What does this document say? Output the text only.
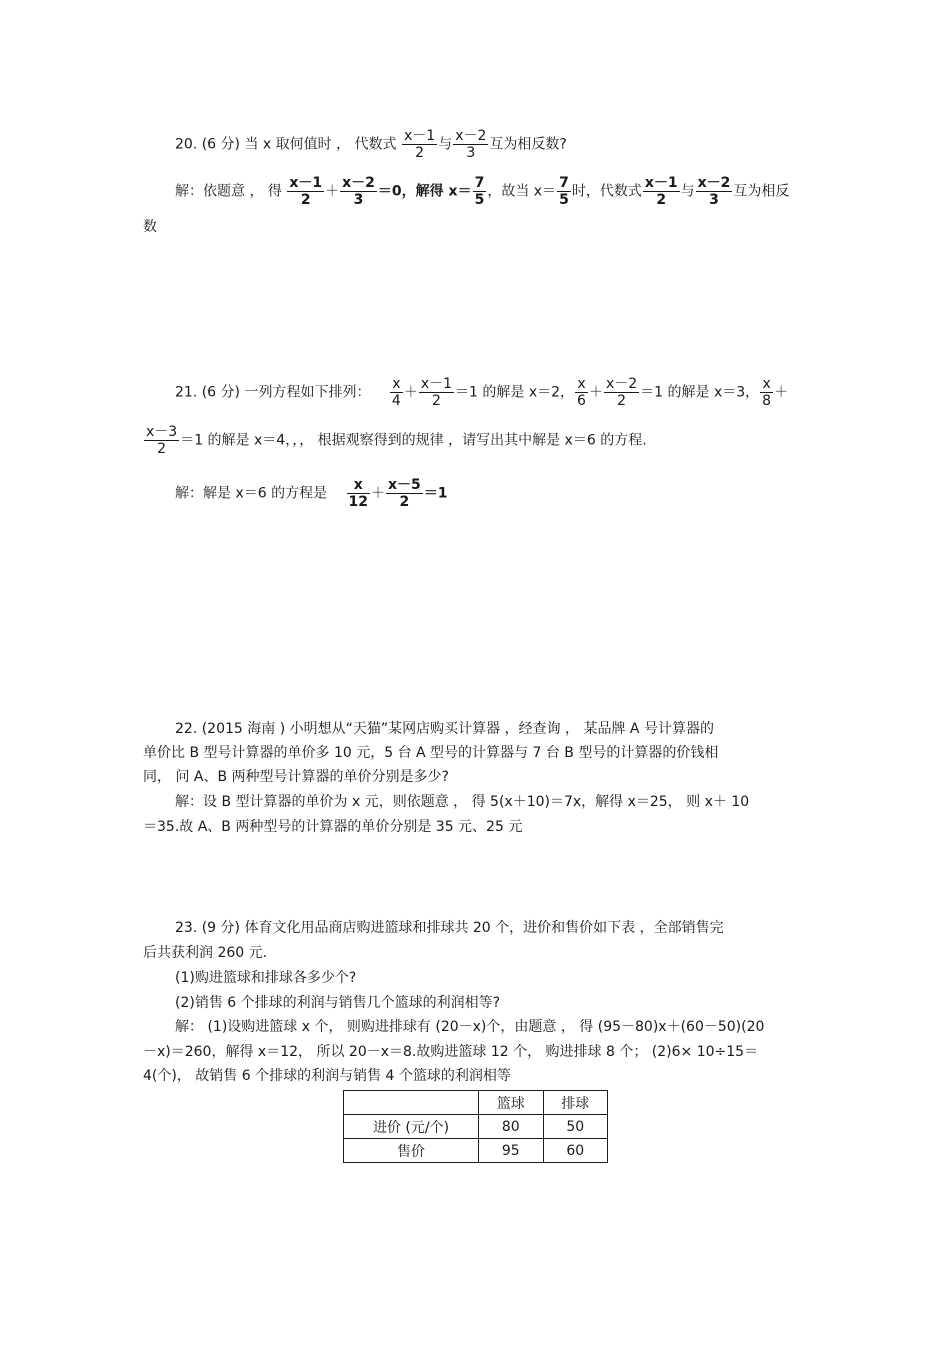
20. (6 分) 当 x 取何值时 ， 代数式 $\frac{x-1}{2}$ 与 $\frac{x-2}{3}$ 互为相反数?
解：依题意 ， 得 $\frac{x-1}{2} + \frac{x-2}{3} =0$，解得 $x= \frac{7}{5}$ ，故当 $x= \frac{7}{5}$ 时，代数式 $\frac{x-1}{2}$ 与 $\frac{x-2}{3}$ 互为相反
数
21. (6 分) 一列方程如下排列： $\frac{x}{4} + \frac{x-1}{2} =1$ 的解是 x＝2， $\frac{x}{6} + \frac{x-2}{2} =1$ 的解是 x＝3， $\frac{x}{8}$ ＋
$\frac{x-3}{2} =1$ 的解是 x＝4，，， 根据观察得到的规律 ，请写出其中解是 x＝6 的方程.
解：解是 x＝6 的方程是 $\frac{x}{12} + \frac{x-5}{2} =1$
22. (2015 海南 ) 小明想从“天猫”某网店购买计算器 ，经查询 ， 某品牌 A 号计算器的
单价比 B 型号计算器的单价多 10 元，5 台 A 型号的计算器与 7 台 B 型号的计算器的价钱相
同， 问 A、B 两种型号计算器的单价分别是多少?
解：设 B 型计算器的单价为 x 元，则依题意 ， 得 5(x＋10)＝7x，解得 x＝25， 则 x＋ 10
＝35.故 A、B 两种型号的计算器的单价分别是 35 元、25 元
23. (9 分) 体育文化用品商店购进篮球和排球共 20 个，进价和售价如下表 ，全部销售完
后共获利润 260 元.
(1)购进篮球和排球各多少个?
(2)销售 6 个排球的利润与销售几个篮球的利润相等?
解： (1)设购进篮球 x 个， 则购进排球有 (20－x)个，由题意 ， 得 (95－80)x＋(60－50)(20
－x)＝260，解得 x＝12， 所以 20－x＝8.故购进篮球 12 个， 购进排球 8 个； (2)6× 10÷15＝
4(个)， 故销售 6 个排球的利润与销售 4 个篮球的利润相等
	篮球	排球
进价 (元/个)	80	50
售价	95	60
